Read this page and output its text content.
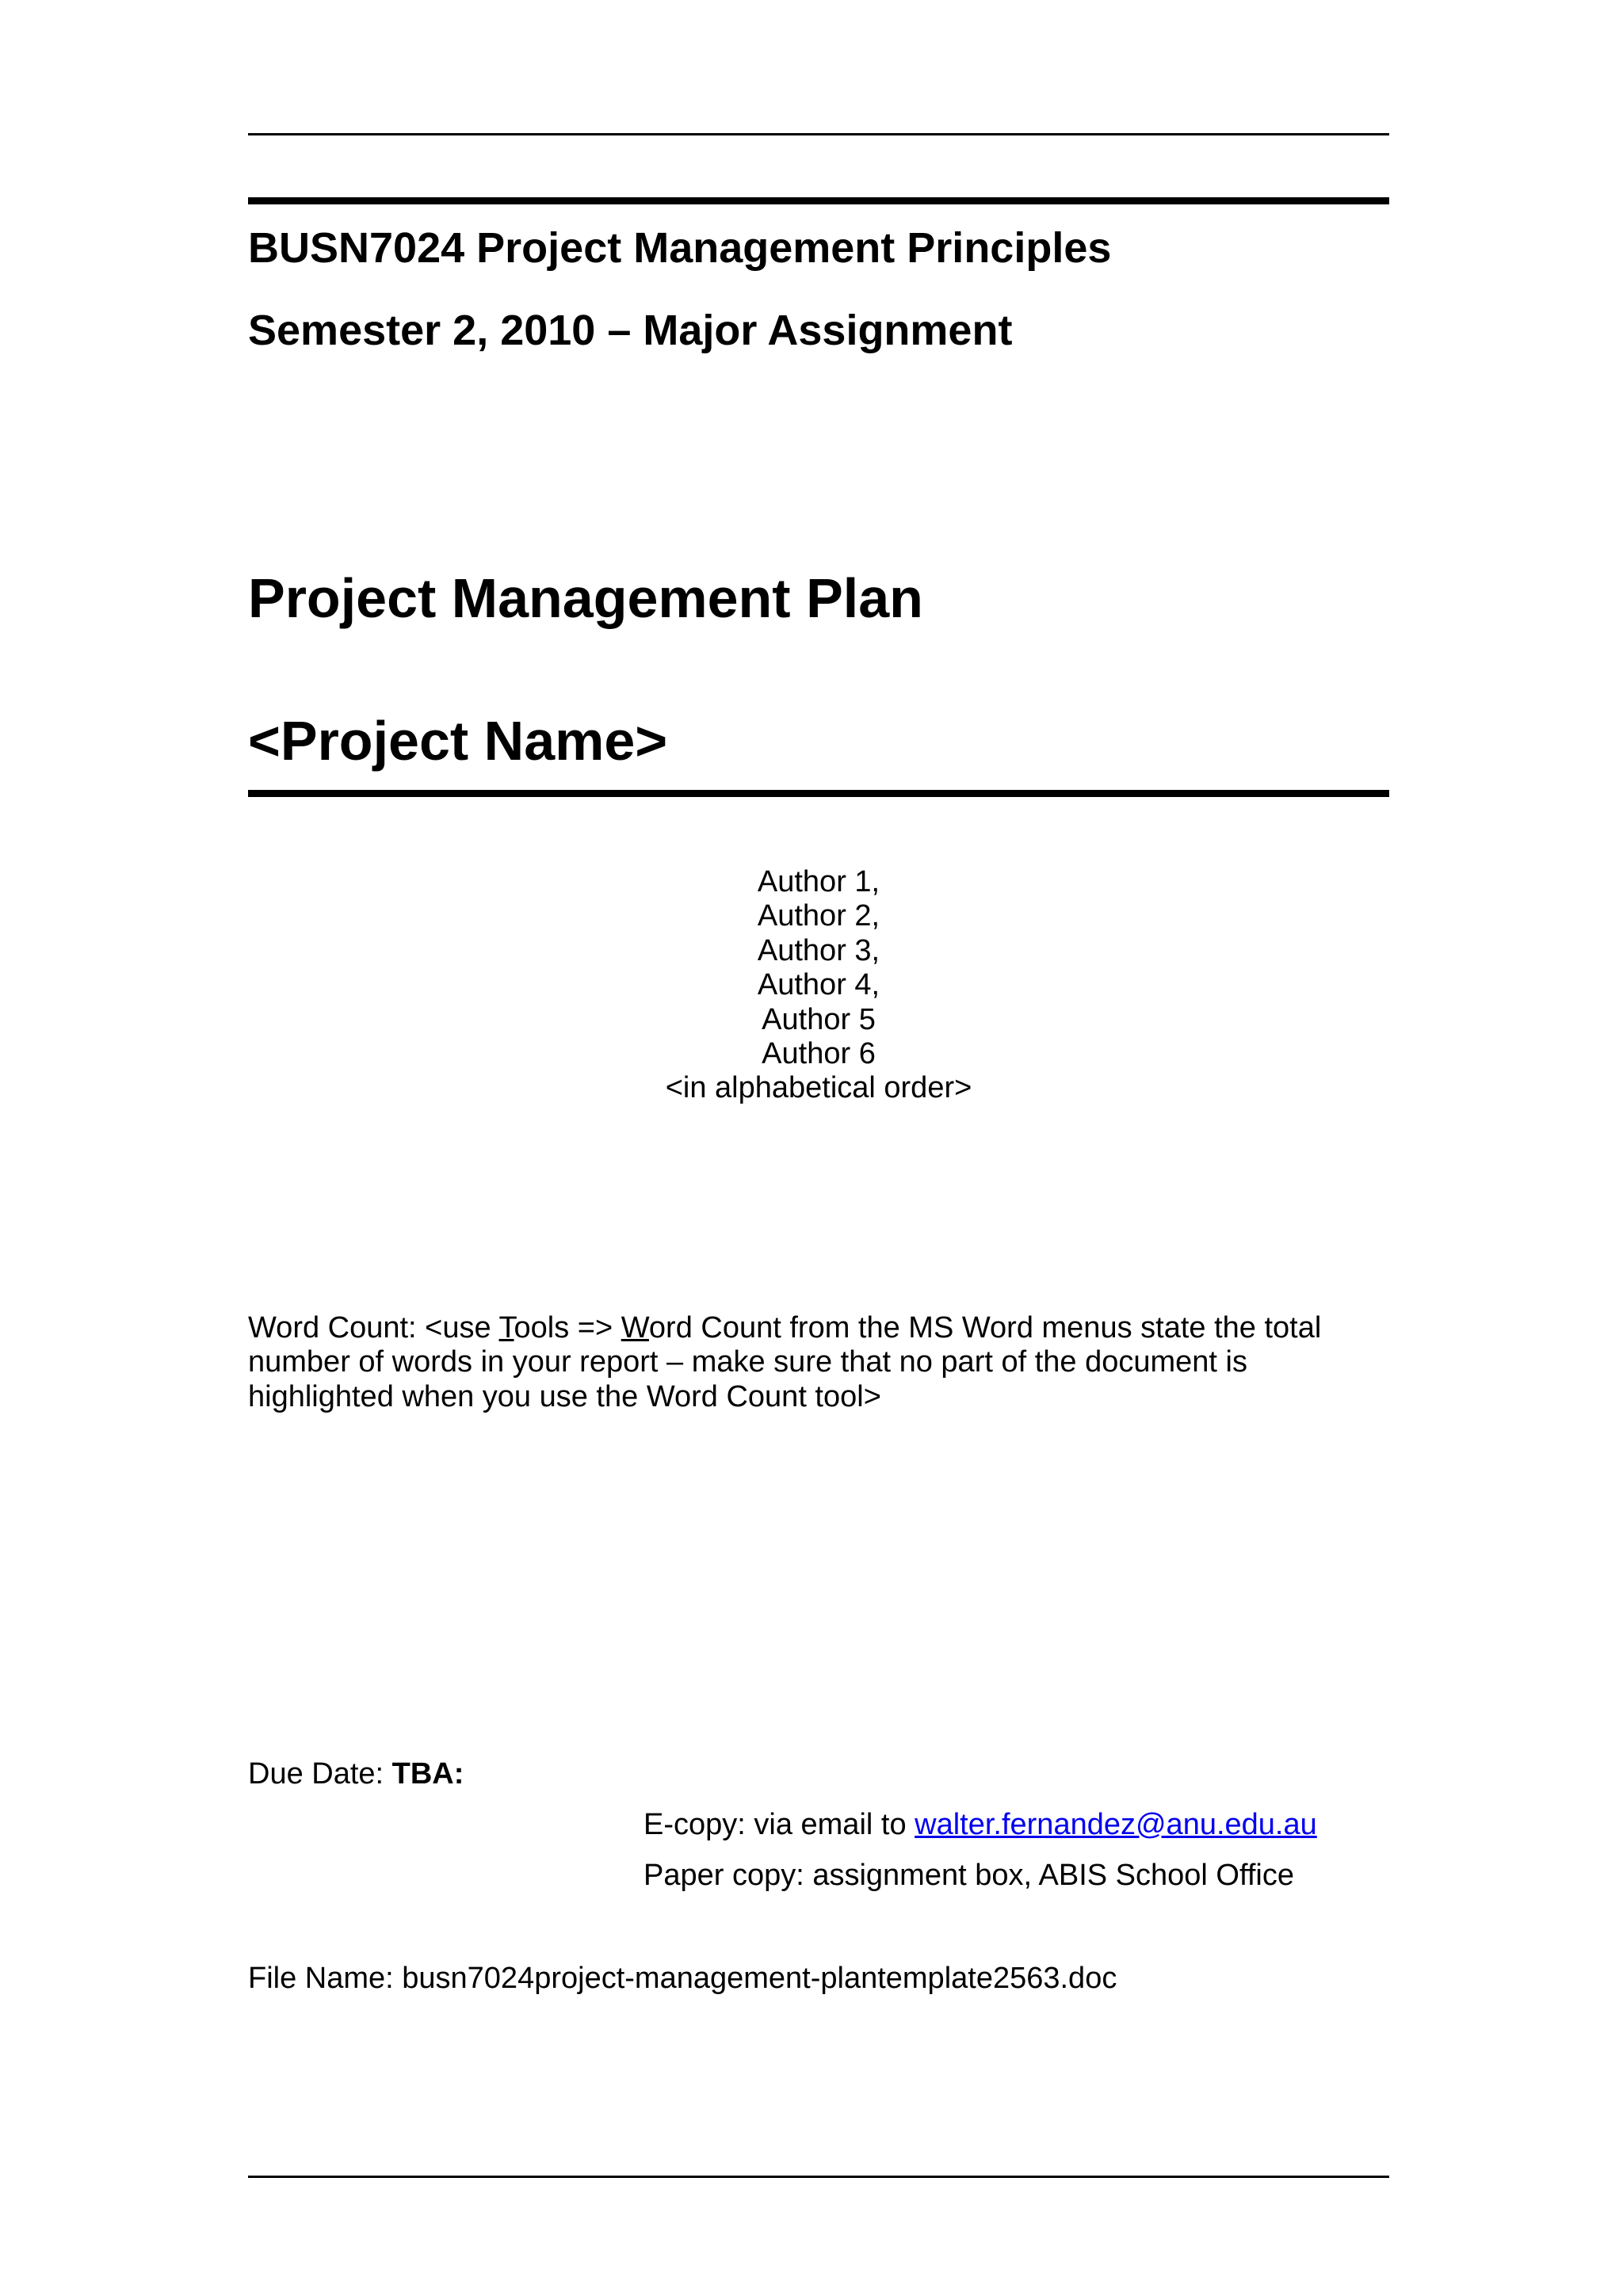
BUSN7024 Project Management Principles
Semester 2, 2010 – Major Assignment
Project Management Plan
<Project Name>
Author 1,
Author 2,
Author 3,
Author 4,
Author 5
Author 6
<in alphabetical order>
Word Count: <use Tools => Word Count from the MS Word menus state the total number of words in your report – make sure that no part of the document is highlighted when you use the Word Count tool>
Due Date: TBA:
E-copy: via email to walter.fernandez@anu.edu.au
Paper copy: assignment box, ABIS School Office
File Name: busn7024project-management-plantemplate2563.doc
